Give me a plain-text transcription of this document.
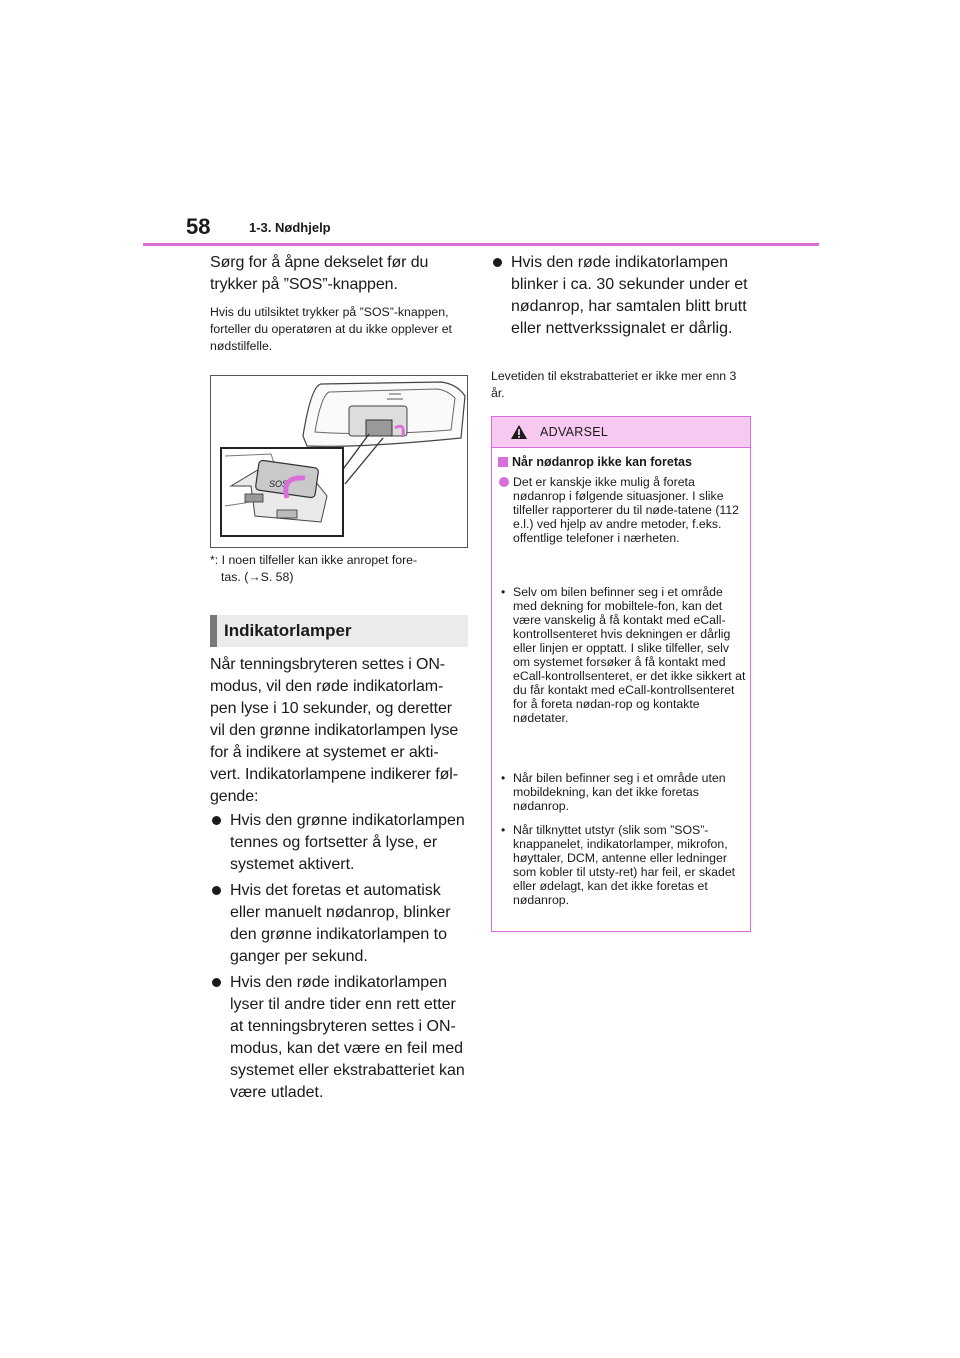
58	1-3. Nødhjelp

Sørg for å åpne dekselet før du trykker på ”SOS”-knappen.

Hvis du utilsiktet trykker på ”SOS”-knappen, forteller du operatøren at du ikke opplever et nødstilfelle.

SOS
*: I noen tilfeller kan ikke anropet fore-
tas. (→S. 58)
Indikatorlamper

Når tenningsbryteren settes i ON-modus, vil den røde indikatorlam-pen lyse i 10 sekunder, og deretter vil den grønne indikatorlampen lyse for å indikere at systemet er akti-vert. Indikatorlampene indikerer føl-gende:

Hvis den grønne indikatorlampen tennes og fortsetter å lyse, er systemet aktivert.

Hvis det foretas et automatisk eller manuelt nødanrop, blinker den grønne indikatorlampen to ganger per sekund.

Hvis den røde indikatorlampen lyser til andre tider enn rett etter at tenningsbryteren settes i ON-modus, kan det være en feil med systemet eller ekstrabatteriet kan være utladet.

Hvis den røde indikatorlampen blinker i ca. 30 sekunder under et nødanrop, har samtalen blitt brutt eller nettverkssignalet er dårlig.

Levetiden til ekstrabatteriet er ikke mer enn 3 år.

ADVARSEL
Når nødanrop ikke kan foretas
Det er kanskje ikke mulig å foreta nødanrop i følgende situasjoner. I slike tilfeller rapporterer du til nøde-tatene (112 e.l.) ved hjelp av andre metoder, f.eks. offentlige telefoner i nærheten.
• Selv om bilen befinner seg i et område med dekning for mobiltele-fon, kan det være vanskelig å få kontakt med eCall-kontrollsenteret hvis dekningen er dårlig eller linjen er opptatt. I slike tilfeller, selv om systemet forsøker å få kontakt med eCall-kontrollsenteret, er det ikke sikkert at du får kontakt med eCall-kontrollsenteret for å foreta nødan-rop og kontakte nødetater.
• Når bilen befinner seg i et område uten mobildekning, kan det ikke foretas nødanrop.
• Når tilknyttet utstyr (slik som ”SOS”-knappanelet, indikatorlamper, mikrofon, høyttaler, DCM, antenne eller ledninger som kobler til utsty-ret) har feil, er skadet eller ødelagt, kan det ikke foretas et nødanrop.
